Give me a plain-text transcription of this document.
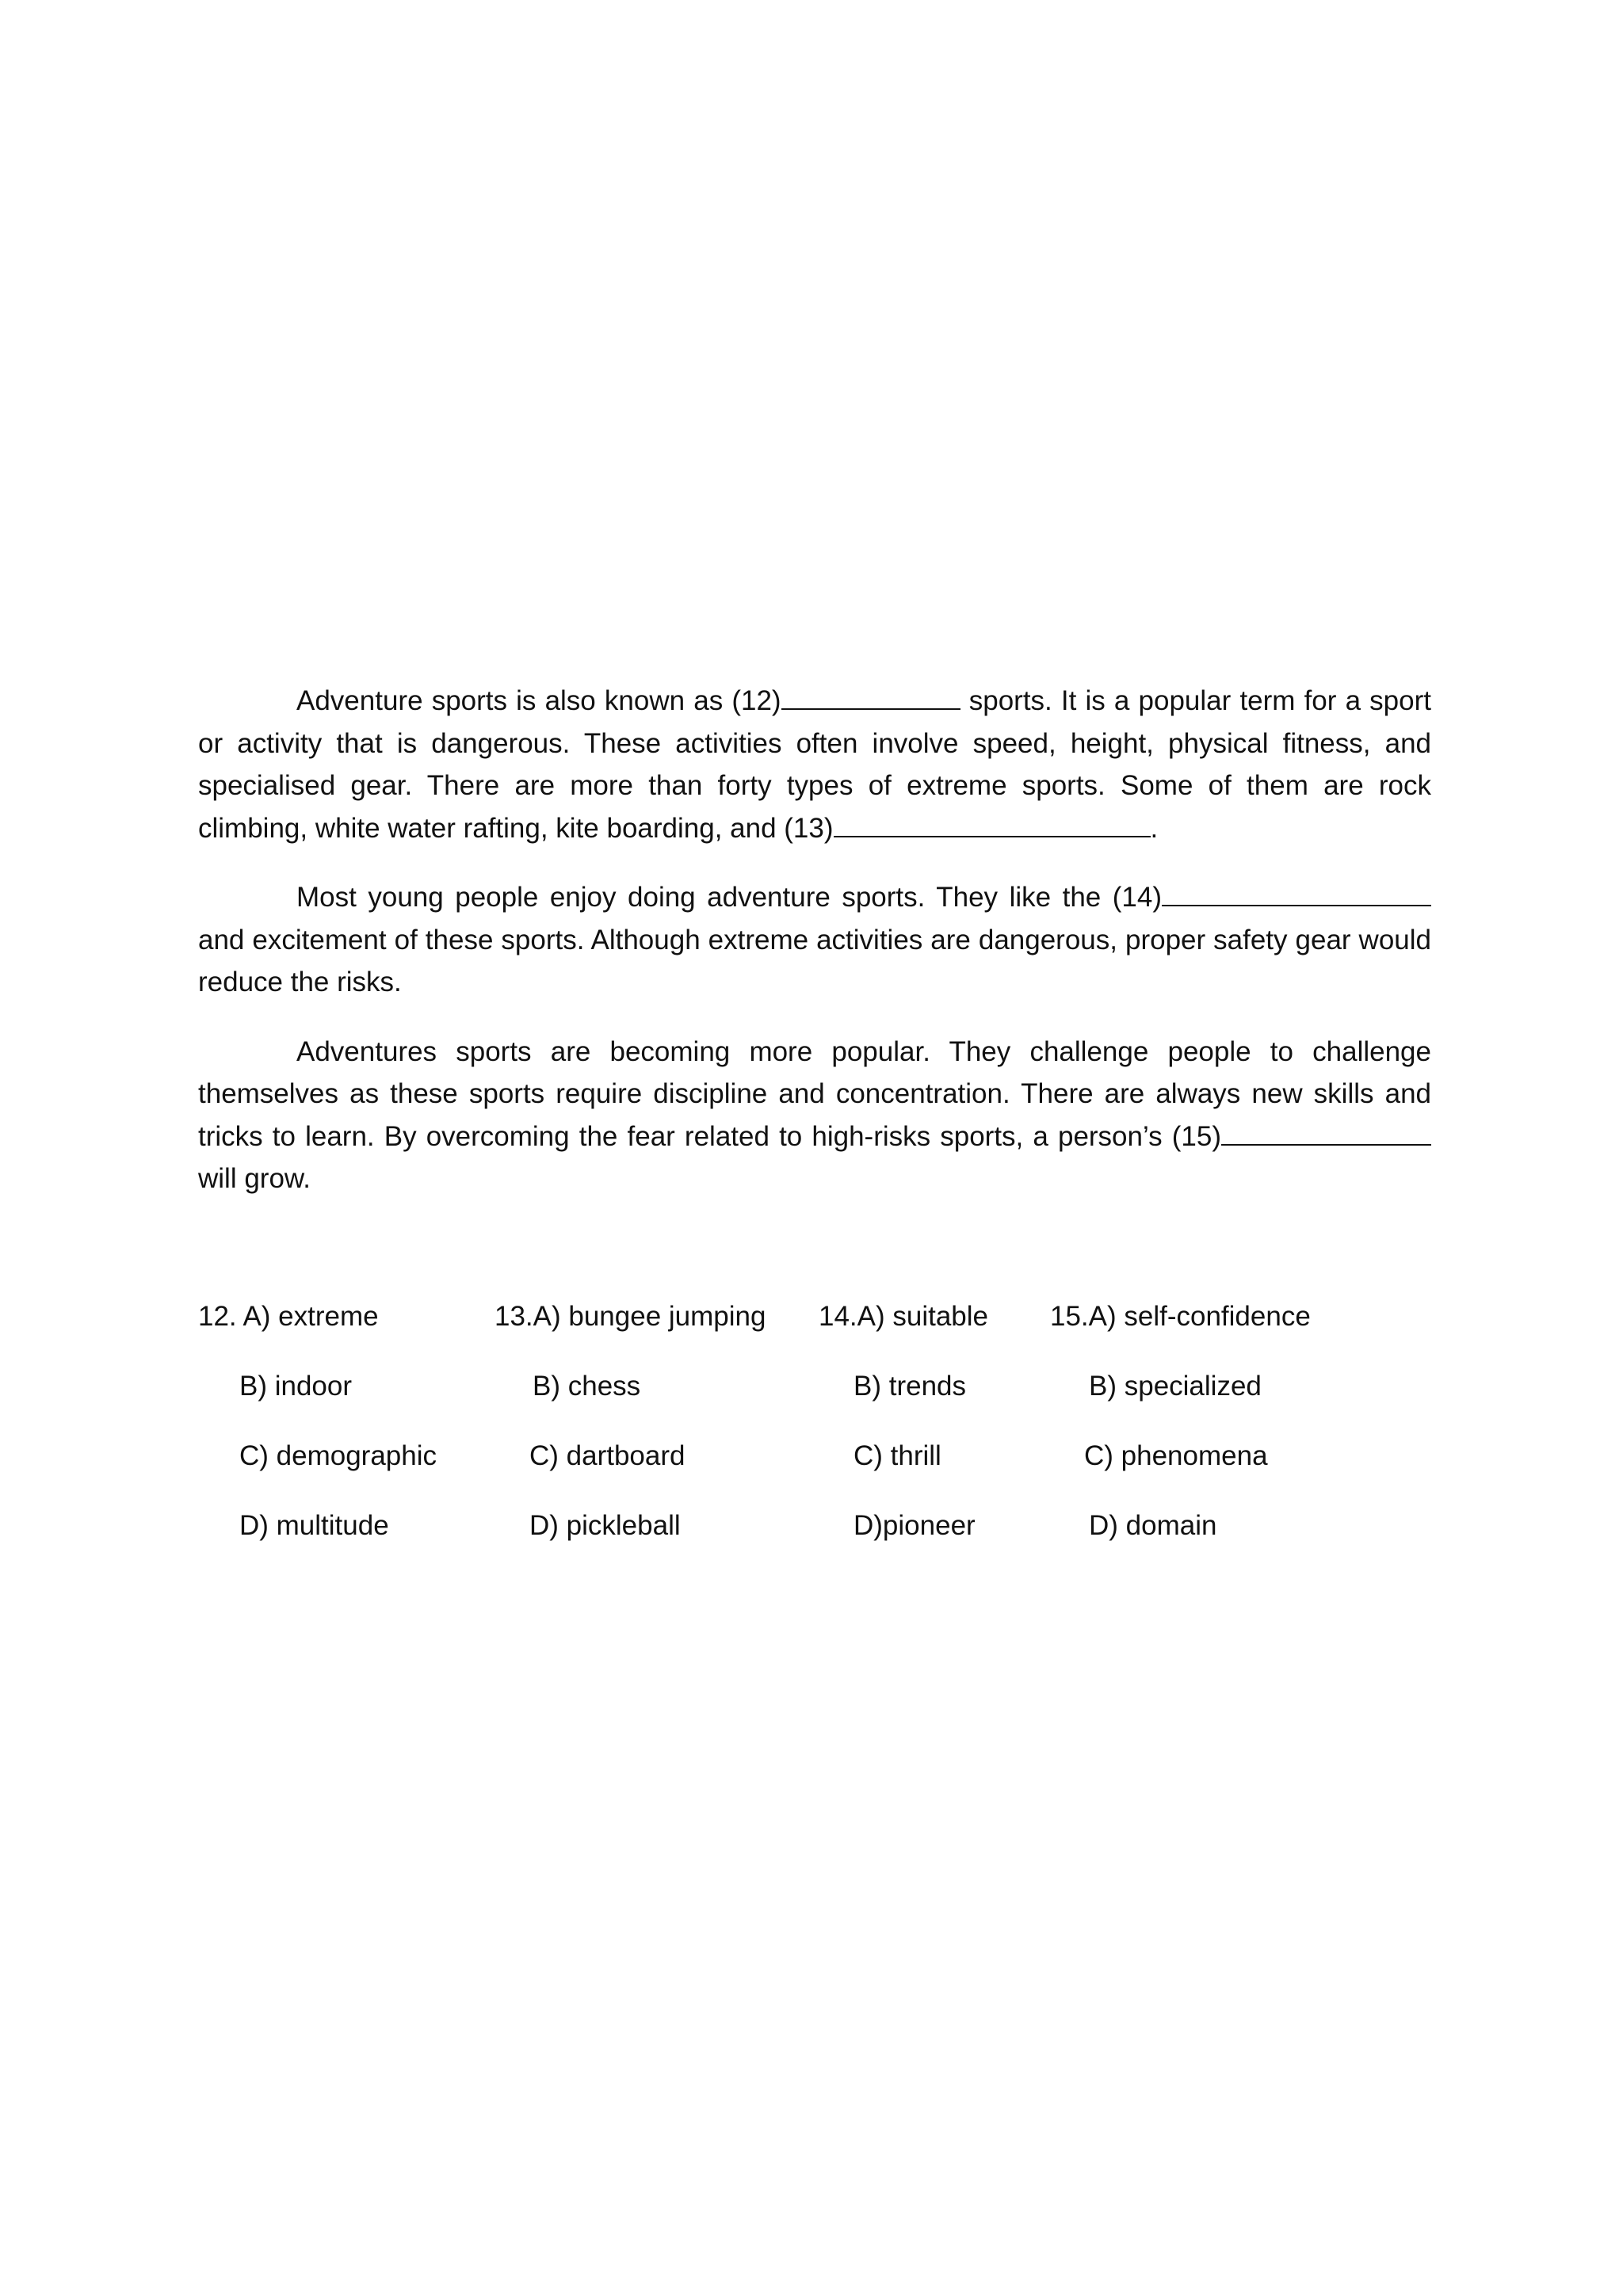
Adventure sports is also known as (12)	sports. It is a popular term for a sport or activity that is dangerous. These activities often involve speed, height, physical fitness, and specialised gear. There are more than forty types of extreme sports. Some of them are rock climbing, white water rafting, kite boarding, and (13)	.

Most young people enjoy doing adventure sports. They like the (14) and excitement of these sports. Although extreme activities are dangerous, proper safety gear would reduce the risks.

Adventures sports are becoming more popular. They challenge people to challenge themselves as these sports require discipline and concentration. There are always new skills and tricks to learn. By overcoming the fear related to high-risks sports, a person’s (15) will grow.

12. A) extreme
B) indoor
C) demographic
D) multitude
13.A) bungee jumping
B) chess
C) dartboard
D) pickleball
14.A) suitable
B) trends
C) thrill
D)pioneer
15.A) self-confidence
B) specialized
C) phenomena
D) domain
